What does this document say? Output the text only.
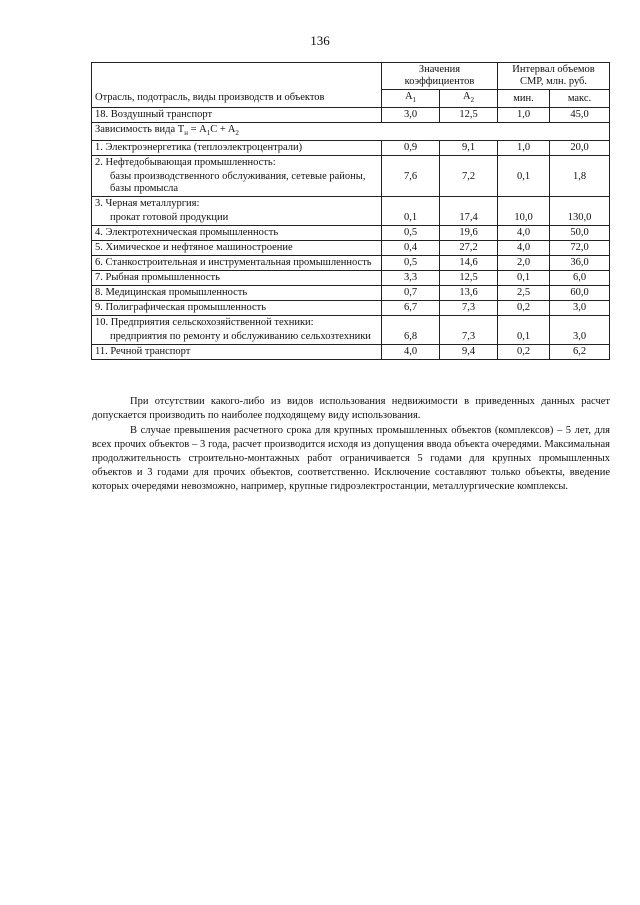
136
Отрасль, подотрасль, виды производств и объектов	Значения коэффициентов		Интервал объемов СМР, млн. руб.	
	$A_1$	$A_2$	мин.	макс.
18. Воздушный транспорт	3,0	12,5	1,0	45,0
Зависимость вида $T_н = A_1C + A_2$
1. Электроэнергетика (теплоэлектроцентрали)	0,9	9,1	1,0	20,0
2. Нефтедобывающая промышленность:				
базы производственного обслуживания, сетевые районы, базы промысла	7,6	7,2	0,1	1,8
3. Черная металлургия:				
прокат готовой продукции	0,1	17,4	10,0	130,0
4. Электротехническая промышленность	0,5	19,6	4,0	50,0
5. Химическое и нефтяное машиностроение	0,4	27,2	4,0	72,0
6. Станкостроительная и инструментальная промышленность	0,5	14,6	2,0	36,0
7. Рыбная промышленность	3,3	12,5	0,1	6,0
8. Медицинская промышленность	0,7	13,6	2,5	60,0
9. Полиграфическая промышленность	6,7	7,3	0,2	3,0
10. Предприятия сельскохозяйственной техники:				
предприятия по ремонту и обслуживанию сельхозтехники	6,8	7,3	0,1	3,0
11. Речной транспорт	4,0	9,4	0,2	6,2

При отсутствии какого-либо из видов использования недвижимости в приведенных данных расчет допускается производить по наиболее подходящему виду использования.

В случае превышения расчетного срока для крупных промышленных объектов (комплексов) – 5 лет, для всех прочих объектов – 3 года, расчет производится исходя из допущения ввода объекта очередями. Максимальная продолжительность строительно-монтажных работ ограничивается 5 годами для крупных промышленных объектов и 3 годами для прочих объектов, соответственно. Исключение составляют только объекты, введение которых очередями невозможно, например, крупные гидроэлектростанции, металлургические комплексы.
